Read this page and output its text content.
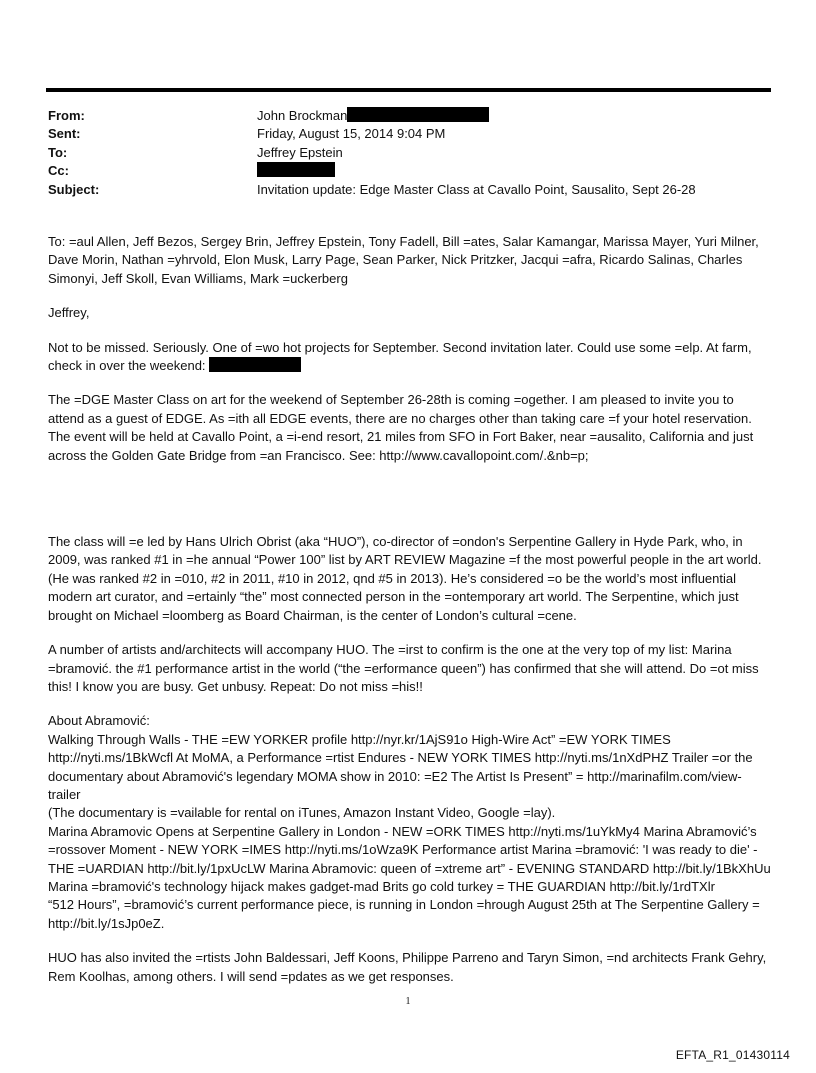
From:	John Brockman
Sent:	Friday, August 15, 2014 9:04 PM
To:	Jeffrey Epstein
Cc:
Subject:	Invitation update: Edge Master Class at Cavallo Point, Sausalito, Sept 26-28

To: =aul Allen, Jeff Bezos, Sergey Brin, Jeffrey Epstein, Tony Fadell, Bill =ates, Salar Kamangar, Marissa Mayer, Yuri Milner, Dave Morin, Nathan =yhrvold, Elon Musk, Larry Page, Sean Parker, Nick Pritzker, Jacqui =afra, Ricardo Salinas, Charles Simonyi, Jeff Skoll, Evan Williams, Mark =uckerberg

Jeffrey,

Not to be missed. Seriously. One of =wo hot projects for September. Second invitation later. Could use some =elp. At farm, check in over the weekend:

The =DGE Master Class on art for the weekend of September 26-28th is coming =ogether. I am pleased to invite you to attend as a guest of EDGE. As =ith all EDGE events, there are no charges other than taking care =f your hotel reservation. The event will be held at Cavallo Point, a =i-end resort, 21 miles from SFO in Fort Baker, near =ausalito, California and just across the Golden Gate Bridge from =an Francisco. See: http://www.cavallopoint.com/.&nb=p;

The class will =e led by Hans Ulrich Obrist (aka “HUO”), co-director of =ondon's Serpentine Gallery in Hyde Park, who, in 2009, was ranked #1 in =he annual “Power 100” list by ART REVIEW Magazine =f the most powerful people in the art world. (He was ranked #2 in =010, #2 in 2011, #10 in 2012, qnd #5 in 2013). He’s considered =o be the world’s most influential modern art curator, and =ertainly “the” most connected person in the =ontemporary art world. The Serpentine, which just brought on Michael =loomberg as Board Chairman, is the center of London’s cultural =cene.

A number of artists and/architects will accompany HUO. The =irst to confirm is the one at the very top of my list: Marina =bramović. the #1 performance artist in the world (“the =erformance queen”) has confirmed that she will attend. Do =ot miss this! I know you are busy. Get unbusy. Repeat: Do not miss =his!!

About Abramović:

Walking Through Walls - THE =EW YORKER profile http://nyr.kr/1AjS91o High-Wire Act” =EW YORK TIMES http://nyti.ms/1BkWcfl At MoMA, a Performance =rtist Endures - NEW YORK TIMES http://nyti.ms/1nXdPHZ Trailer =or the documentary about Abramović's legendary MOMA show in 2010: =E2 The Artist Is Present” = http://marinafilm.com/view-trailer

(The documentary is =vailable for rental on iTunes, Amazon Instant Video, Google =lay).

Marina Abramovic Opens at Serpentine Gallery in London - NEW =ORK TIMES http://nyti.ms/1uYkMy4 Marina Abramović’s =rossover Moment - NEW YORK =IMES http://nyti.ms/1oWza9K Performance artist Marina =bramović: 'I was ready to die' - THE =UARDIAN http://bit.ly/1pxUcLW Marina Abramovic: queen of =xtreme art” - EVENING STANDARD http://bit.ly/1BkXhUu Marina =bramović's technology hijack makes gadget-mad Brits go cold turkey = THE GUARDIAN http://bit.ly/1rdTXlr

“512 Hours”, =bramović’s current performance piece, is running in London =hrough August 25th at The Serpentine Gallery = http://bit.ly/1sJp0eZ.

HUO has also invited the =rtists John Baldessari, Jeff Koons, Philippe Parreno and Taryn Simon, =nd architects Frank Gehry, Rem Koolhas, among others. I will send =pdates as we get responses.

1
EFTA_R1_01430114
